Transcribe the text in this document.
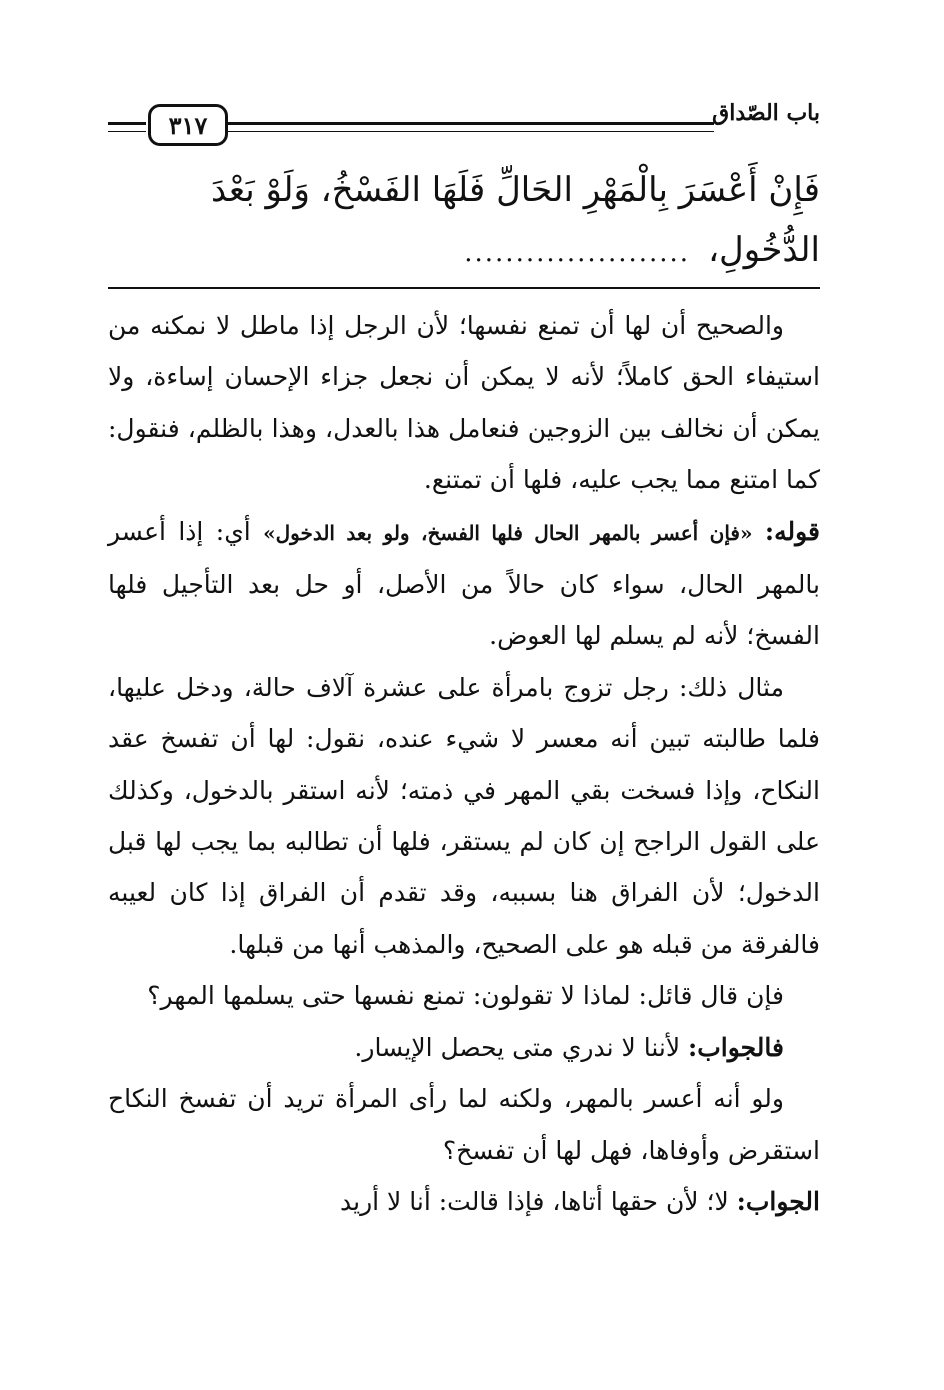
باب الصّداق
٣١٧
فَإِنْ أَعْسَرَ بِالْمَهْرِ الحَالِّ فَلَهَا الفَسْخُ، وَلَوْ بَعْدَ
الدُّخُولِ،
......................

والصحيح أن لها أن تمنع نفسها؛ لأن الرجل إذا ماطل لا نمكنه من استيفاء الحق كاملاً؛ لأنه لا يمكن أن نجعل جزاء الإحسان إساءة، ولا يمكن أن نخالف بين الزوجين فنعامل هذا بالعدل، وهذا بالظلم، فنقول: كما امتنع مما يجب عليه، فلها أن تمتنع.

قوله: «فإن أعسر بالمهر الحال فلها الفسخ، ولو بعد الدخول» أي: إذا أعسر بالمهر الحال، سواء كان حالاً من الأصل، أو حل بعد التأجيل فلها الفسخ؛ لأنه لم يسلم لها العوض.

مثال ذلك: رجل تزوج بامرأة على عشرة آلاف حالة، ودخل عليها، فلما طالبته تبين أنه معسر لا شيء عنده، نقول: لها أن تفسخ عقد النكاح، وإذا فسخت بقي المهر في ذمته؛ لأنه استقر بالدخول، وكذلك على القول الراجح إن كان لم يستقر، فلها أن تطالبه بما يجب لها قبل الدخول؛ لأن الفراق هنا بسببه، وقد تقدم أن الفراق إذا كان لعيبه فالفرقة من قبله هو على الصحيح، والمذهب أنها من قبلها.

فإن قال قائل: لماذا لا تقولون: تمنع نفسها حتى يسلمها المهر؟

فالجواب: لأننا لا ندري متى يحصل الإيسار.

ولو أنه أعسر بالمهر، ولكنه لما رأى المرأة تريد أن تفسخ النكاح استقرض وأوفاها، فهل لها أن تفسخ؟

الجواب: لا؛ لأن حقها أتاها، فإذا قالت: أنا لا أريد
